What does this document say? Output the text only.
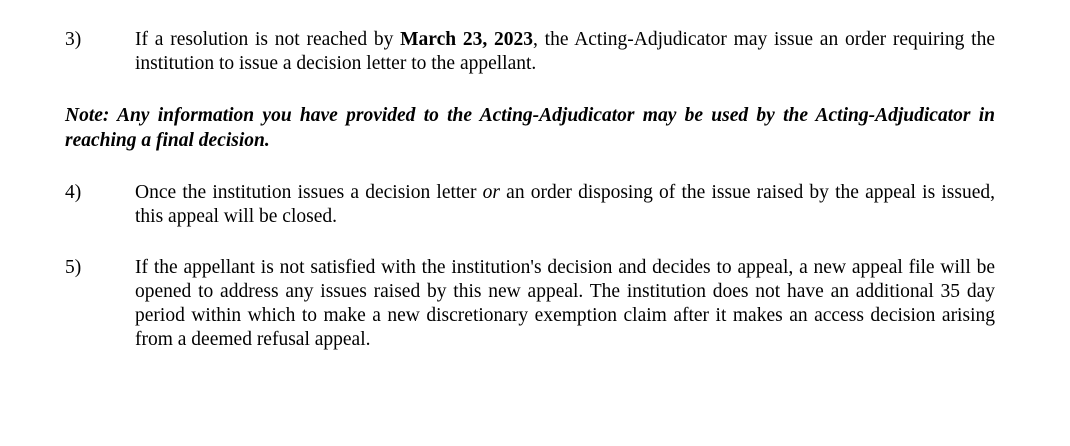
3)	If a resolution is not reached by March 23, 2023, the Acting-Adjudicator may issue an order requiring the institution to issue a decision letter to the appellant.
Note: Any information you have provided to the Acting-Adjudicator may be used by the Acting-Adjudicator in reaching a final decision.
4)	Once the institution issues a decision letter or an order disposing of the issue raised by the appeal is issued, this appeal will be closed.
5)	If the appellant is not satisfied with the institution's decision and decides to appeal, a new appeal file will be opened to address any issues raised by this new appeal. The institution does not have an additional 35 day period within which to make a new discretionary exemption claim after it makes an access decision arising from a deemed refusal appeal.
